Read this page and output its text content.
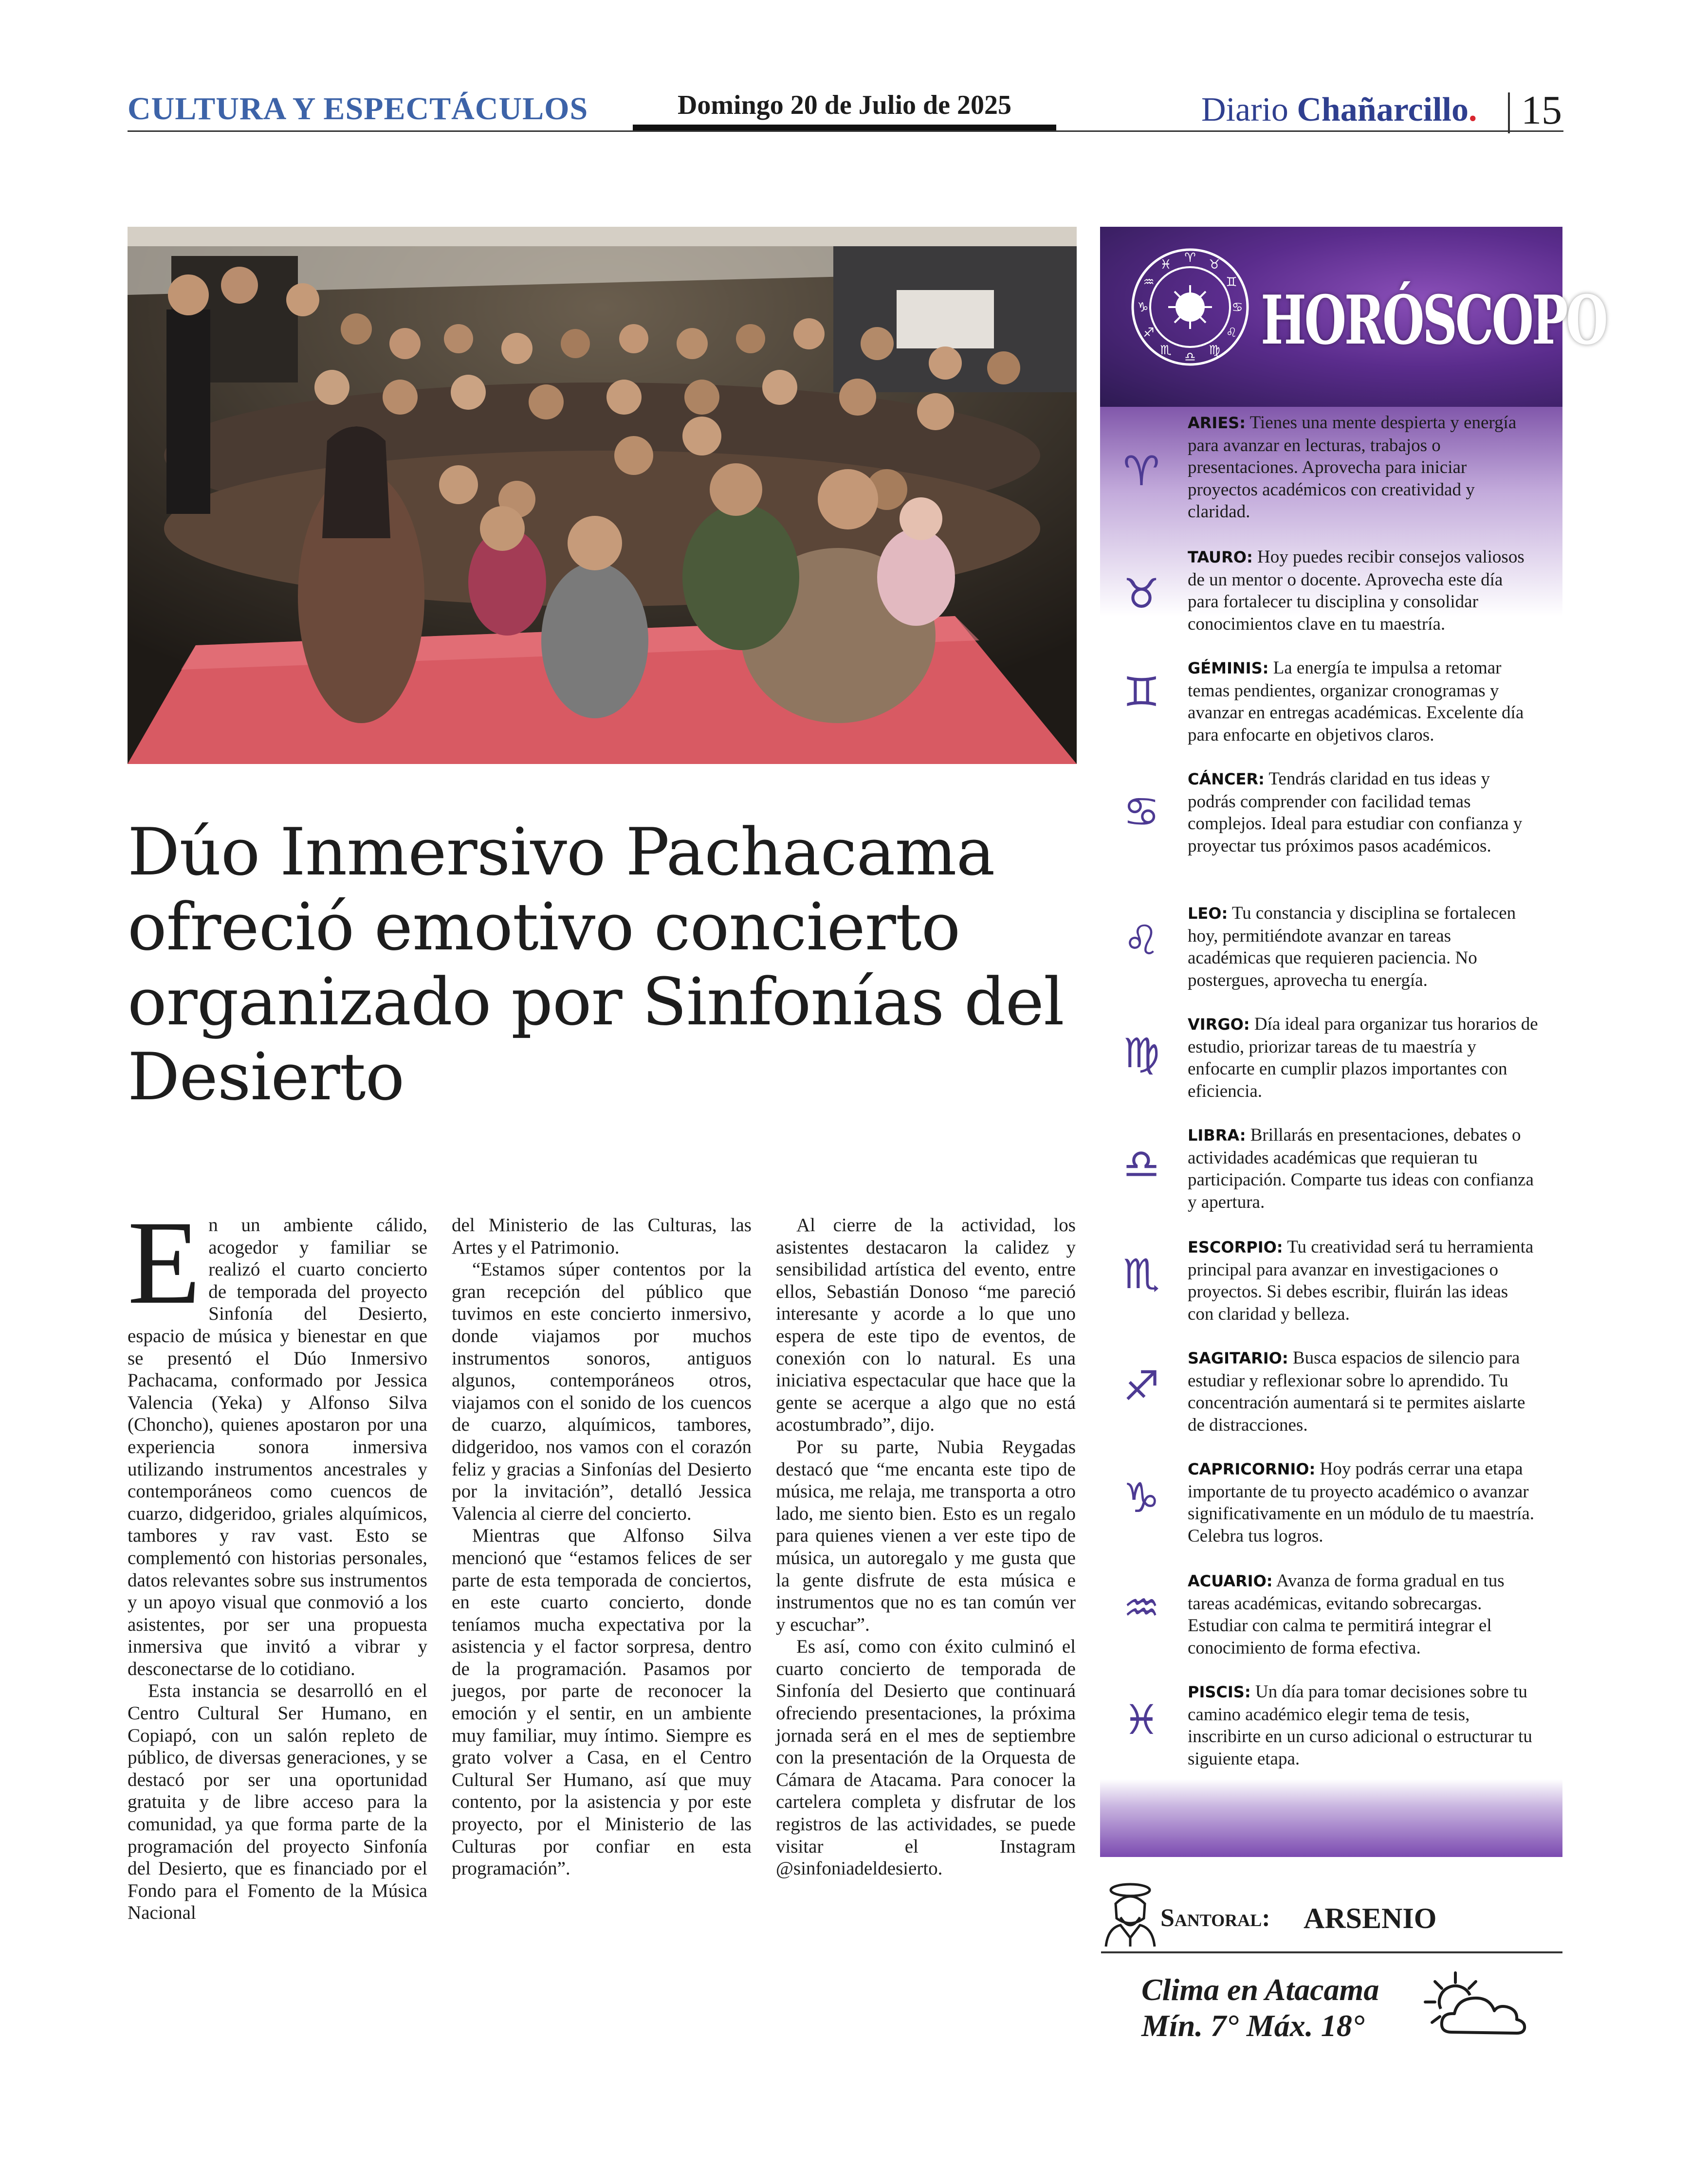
CULTURA Y ESPECTÁCULOS	Domingo 20 de Julio de 2025	Diario Chañarcillo. 15
Dúo Inmersivo Pachacama ofreció emotivo concierto organizado por Sinfonías del Desierto
E n un ambiente cálido, acogedor y familiar se realizó el cuarto concierto de temporada del proyecto Sinfonía del Desierto, espacio de música y bienestar en que se presentó el Dúo Inmersivo Pachacama, conformado por Jessica Valencia (Yeka) y Alfonso Silva (Choncho), quienes apostaron por una experiencia sonora inmersiva utilizando instrumentos ancestrales y contemporáneos como cuencos de cuarzo, didgeridoo, griales alquímicos, tambores y rav vast. Esto se complementó con historias personales, datos relevantes sobre sus instrumentos y un apoyo visual que conmovió a los asistentes, por ser una propuesta inmersiva que invitó a vibrar y desconectarse de lo cotidiano.

Esta instancia se desarrolló en el Centro Cultural Ser Humano, en Copiapó, con un salón repleto de público, de diversas generaciones, y se destacó por ser una oportunidad gratuita y de libre acceso para la comunidad, ya que forma parte de la programación del proyecto Sinfonía del Desierto, que es financiado por el Fondo para el Fomento de la Música Nacional

del Ministerio de las Culturas, las Artes y el Patrimonio.

“Estamos súper contentos por la gran recepción del público que tuvimos en este concierto inmersivo, donde viajamos por muchos instrumentos sonoros, antiguos algunos, contemporáneos otros, viajamos con el sonido de los cuencos de cuarzo, alquímicos, tambores, didgeridoo, nos vamos con el corazón feliz y gracias a Sinfonías del Desierto por la invitación”, detalló Jessica Valencia al cierre del concierto.

Mientras que Alfonso Silva mencionó que “estamos felices de ser parte de esta temporada de conciertos, en este cuarto concierto, donde teníamos mucha expectativa por la asistencia y el factor sorpresa, dentro de la programación. Pasamos por juegos, por parte de reconocer la emoción y el sentir, en un ambiente muy familiar, muy íntimo. Siempre es grato volver a Casa, en el Centro Cultural Ser Humano, así que muy contento, por la asistencia y por este proyecto, por el Ministerio de las Culturas por confiar en esta programación”.

Al cierre de la actividad, los asistentes destacaron la calidez y sensibilidad artística del evento, entre ellos, Sebastián Donoso “me pareció interesante y acorde a lo que uno espera de este tipo de eventos, de conexión con lo natural. Es una iniciativa espectacular que hace que la gente se acerque a algo que no está acostumbrado”, dijo.

Por su parte, Nubia Reygadas destacó que “me encanta este tipo de música, me relaja, me transporta a otro lado, me siento bien. Esto es un regalo para quienes vienen a ver este tipo de música, un autoregalo y me gusta que la gente disfrute de esta música e instrumentos que no es tan común ver y escuchar”.

Es así, como con éxito culminó el cuarto concierto de temporada de Sinfonía del Desierto que continuará ofreciendo presentaciones, la próxima jornada será en el mes de septiembre con la presentación de la Orquesta de Cámara de Atacama. Para conocer la cartelera completa y disfrutar de los registros de las actividades, se puede visitar el Instagram @sinfoniadeldesierto.

♈ ♉
♊
♋
♌
♍
♎
♏
♐
♑
♒
♓
HORÓSCOPO
♈
ARIES: Tienes una mente despierta y energía para avanzar en lecturas, trabajos o presentaciones. Aprovecha para iniciar proyectos académicos con creatividad y claridad.
♉
TAURO: Hoy puedes recibir consejos valiosos de un mentor o docente. Aprovecha este día para fortalecer tu disciplina y consolidar conocimientos clave en tu maestría.
♊ GÉMINIS: La energía te impulsa a retomar temas pendientes, organizar cronogramas y avanzar en entregas académicas. Excelente día para enfocarte en objetivos claros.
♋
CÁNCER: Tendrás claridad en tus ideas y podrás comprender con facilidad temas complejos. Ideal para estudiar con confianza y proyectar tus próximos pasos académicos.
♌
LEO: Tu constancia y disciplina se fortalecen hoy, permitiéndote avanzar en tareas académicas que requieren paciencia. No postergues, aprovecha tu energía.
♍
VIRGO: Día ideal para organizar tus horarios de estudio, priorizar tareas de tu maestría y enfocarte en cumplir plazos importantes con eficiencia.
♎
LIBRA: Brillarás en presentaciones, debates o actividades académicas que requieran tu participación. Comparte tus ideas con confianza y apertura.
♏
ESCORPIO: Tu creatividad será tu herramienta principal para avanzar en investigaciones o proyectos. Si debes escribir, fluirán las ideas con claridad y belleza.
♐
SAGITARIO: Busca espacios de silencio para estudiar y reflexionar sobre lo aprendido. Tu concentración aumentará si te permites aislarte de distracciones.
♑
CAPRICORNIO: Hoy podrás cerrar una etapa importante de tu proyecto académico o avanzar significativamente en un módulo de tu maestría. Celebra tus logros.
♒
ACUARIO: Avanza de forma gradual en tus tareas académicas, evitando sobrecargas. Estudiar con calma te permitirá integrar el conocimiento de forma efectiva.
♓
PISCIS: Un día para tomar decisiones sobre tu camino académico elegir tema de tesis, inscribirte en un curso adicional o estructurar tu siguiente etapa.
Santoral: ARSENIO
Clima en Atacama
Mín. 7° Máx. 18°
